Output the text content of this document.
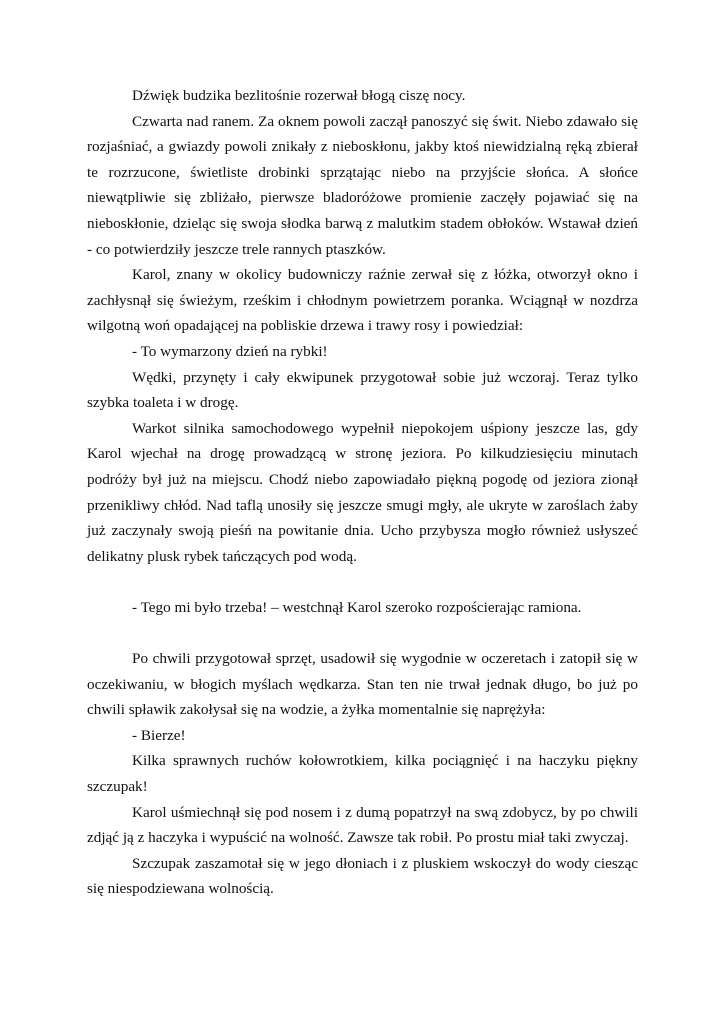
Dźwięk budzika bezlitośnie rozerwał błogą ciszę nocy.

Czwarta nad ranem. Za oknem powoli zaczął panoszyć się świt. Niebo zdawało się rozjaśniać, a gwiazdy powoli znikały z nieboskłonu, jakby ktoś niewidzialną ręką zbierał te rozrzucone, świetliste drobinki sprzątając niebo na przyjście słońca. A słońce niewątpliwie się zbliżało, pierwsze bladoróżowe promienie zaczęły pojawiać się na nieboskłonie, dzieląc się swoja słodka barwą z malutkim stadem obłoków. Wstawał dzień - co potwierdziły jeszcze trele rannych ptaszków.

Karol, znany w okolicy budowniczy raźnie zerwał się z łóżka, otworzył okno i zachłysnął się świeżym, rześkim i chłodnym powietrzem poranka. Wciągnął w nozdrza wilgotną woń opadającej na pobliskie drzewa i trawy rosy i powiedział:

- To wymarzony dzień na rybki!

Wędki, przynęty i cały ekwipunek przygotował sobie już wczoraj. Teraz tylko szybka toaleta i w drogę.

Warkot silnika samochodowego wypełnił niepokojem uśpiony jeszcze las, gdy Karol wjechał na drogę prowadzącą w stronę jeziora. Po kilkudziesięciu minutach podróży był już na miejscu. Chodź niebo zapowiadało piękną pogodę od jeziora zionął przenikliwy chłód. Nad taflą unosiły się jeszcze smugi mgły, ale ukryte w zaroślach żaby już zaczynały swoją pieśń na powitanie dnia. Ucho przybysza mogło również usłyszeć delikatny plusk rybek tańczących pod wodą.

- Tego mi było trzeba! – westchnął Karol szeroko rozpościerając ramiona.

Po chwili przygotował sprzęt, usadowił się wygodnie w oczeretach i zatopił się w oczekiwaniu, w błogich myślach wędkarza. Stan ten nie trwał jednak długo, bo już po chwili spławik zakołysał się na wodzie, a żyłka momentalnie się naprężyła:

- Bierze!

Kilka sprawnych ruchów kołowrotkiem, kilka pociągnięć i na haczyku piękny szczupak!

Karol uśmiechnął się pod nosem i z dumą popatrzył na swą zdobycz, by po chwili zdjąć ją z haczyka i wypuścić na wolność. Zawsze tak robił. Po prostu miał taki zwyczaj.

Szczupak zaszamotał się w jego dłoniach i z pluskiem wskoczył do wody ciesząc się niespodziewana wolnością.
